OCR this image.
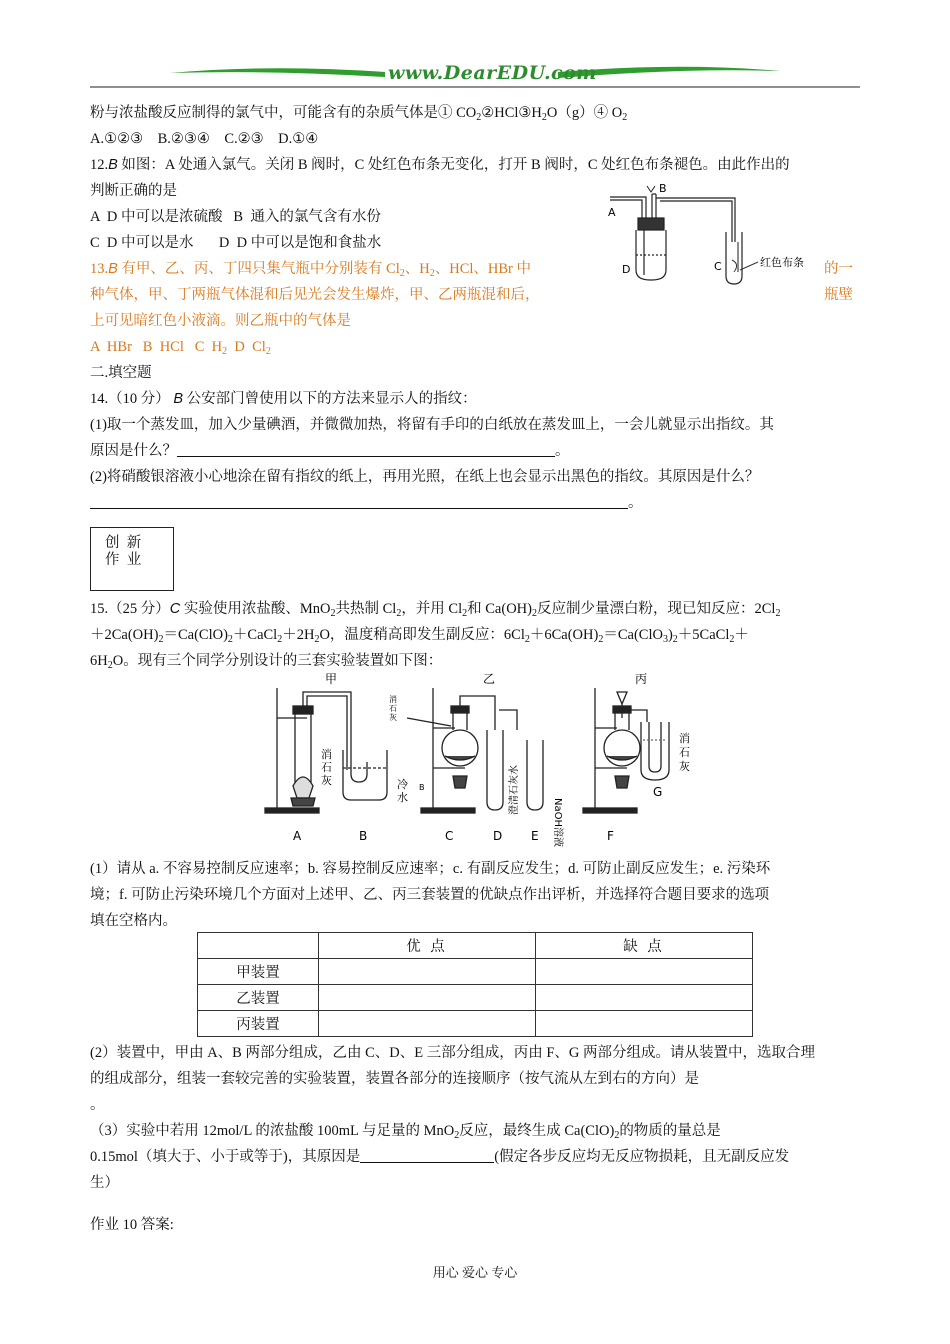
www.DearEDU.com
粉与浓盐酸反应制得的氯气中，可能含有的杂质气体是① $CO_2②HCl③H_2O(g)④$ $O_2$
A.①②③    B.②③④    C.②③    D.①④
12.B 如图：A 处通入氯气。关闭 B 阀时，C 处红色布条无变化，打开 B 阀时，C 处红色布条褪色。由此作出的
判断正确的是
A  D 中可以是浓硫酸   B  通入的氯气含有水份
C  D 中可以是水       D  D 中可以是饱和食盐水
A
B
D	C	红色布条
13.B 有甲、乙、丙、丁四只集气瓶中分别装有 $Cl_2$、$H_2$、HCl、HBr 中	的一
种气体，甲、丁两瓶气体混和后见光会发生爆炸，甲、乙两瓶混和后，	瓶壁
上可见暗红色小液滴。则乙瓶中的气体是
A  HBr   B  HCl   C  $H_2$  D  $Cl_2$
二.填空题
14.（10 分） B 公安部门曾使用以下的方法来显示人的指纹：
(1)取一个蒸发皿，加入少量碘酒，并微微加热，将留有手印的白纸放在蒸发皿上，一会儿就显示出指纹。其
原因是什么？	。
(2)将硝酸银溶液小心地涂在留有指纹的纸上，再用光照，在纸上也会显示出黑色的指纹。其原因是什么？
。
创  新
作  业
15.（25 分）C 实验使用浓盐酸、MnO$_2$共热制 $Cl_2$，并用 $Cl_2$和 $Ca(OH)_2$反应制少量漂白粉，现已知反应：$2Cl_2$
$+2Ca(OH)_2=Ca(ClO)_2+CaCl_2+2H_2O$，温度稍高即发生副反应：$6Cl_2+6Ca(OH)_2=Ca(ClO_3)_2+5CaCl_2+$
$6H_2O$。现有三个同学分别设计的三套实验装置如下图：
甲	乙	丙
消
石
灰	冷
水
消
石
灰
澄清石灰水
NaOH溶液
消
石
灰
A	B	C	D E	F
G
B
(1）请从 a. 不容易控制反应速率；b. 容易控制反应速率；c. 有副反应发生；d. 可防止副反应发生；e. 污染环
境；f. 可防止污染环境几个方面对上述甲、乙、丙三套装置的优缺点作出评析，并选择符合题目要求的选项
填在空格内。
	优 点	缺 点
甲装置		
乙装置		
丙装置		
(2）装置中，甲由 A、B 两部分组成，乙由 C、D、E 三部分组成，丙由 F、G 两部分组成。请从装置中，选取合理
的组成部分，组装一套较完善的实验装置，装置各部分的连接顺序（按气流从左到右的方向）是
。
（3）实验中若用 12mol/L 的浓盐酸 100mL 与足量的 MnO$_2$反应，最终生成 $Ca(ClO)_2$的物质的量总是
0.15mol（填大于、小于或等于)，其原因是	(假定各步反应均无反应物损耗，且无副反应发
生）
作业 10 答案:
用心 爱心 专心
